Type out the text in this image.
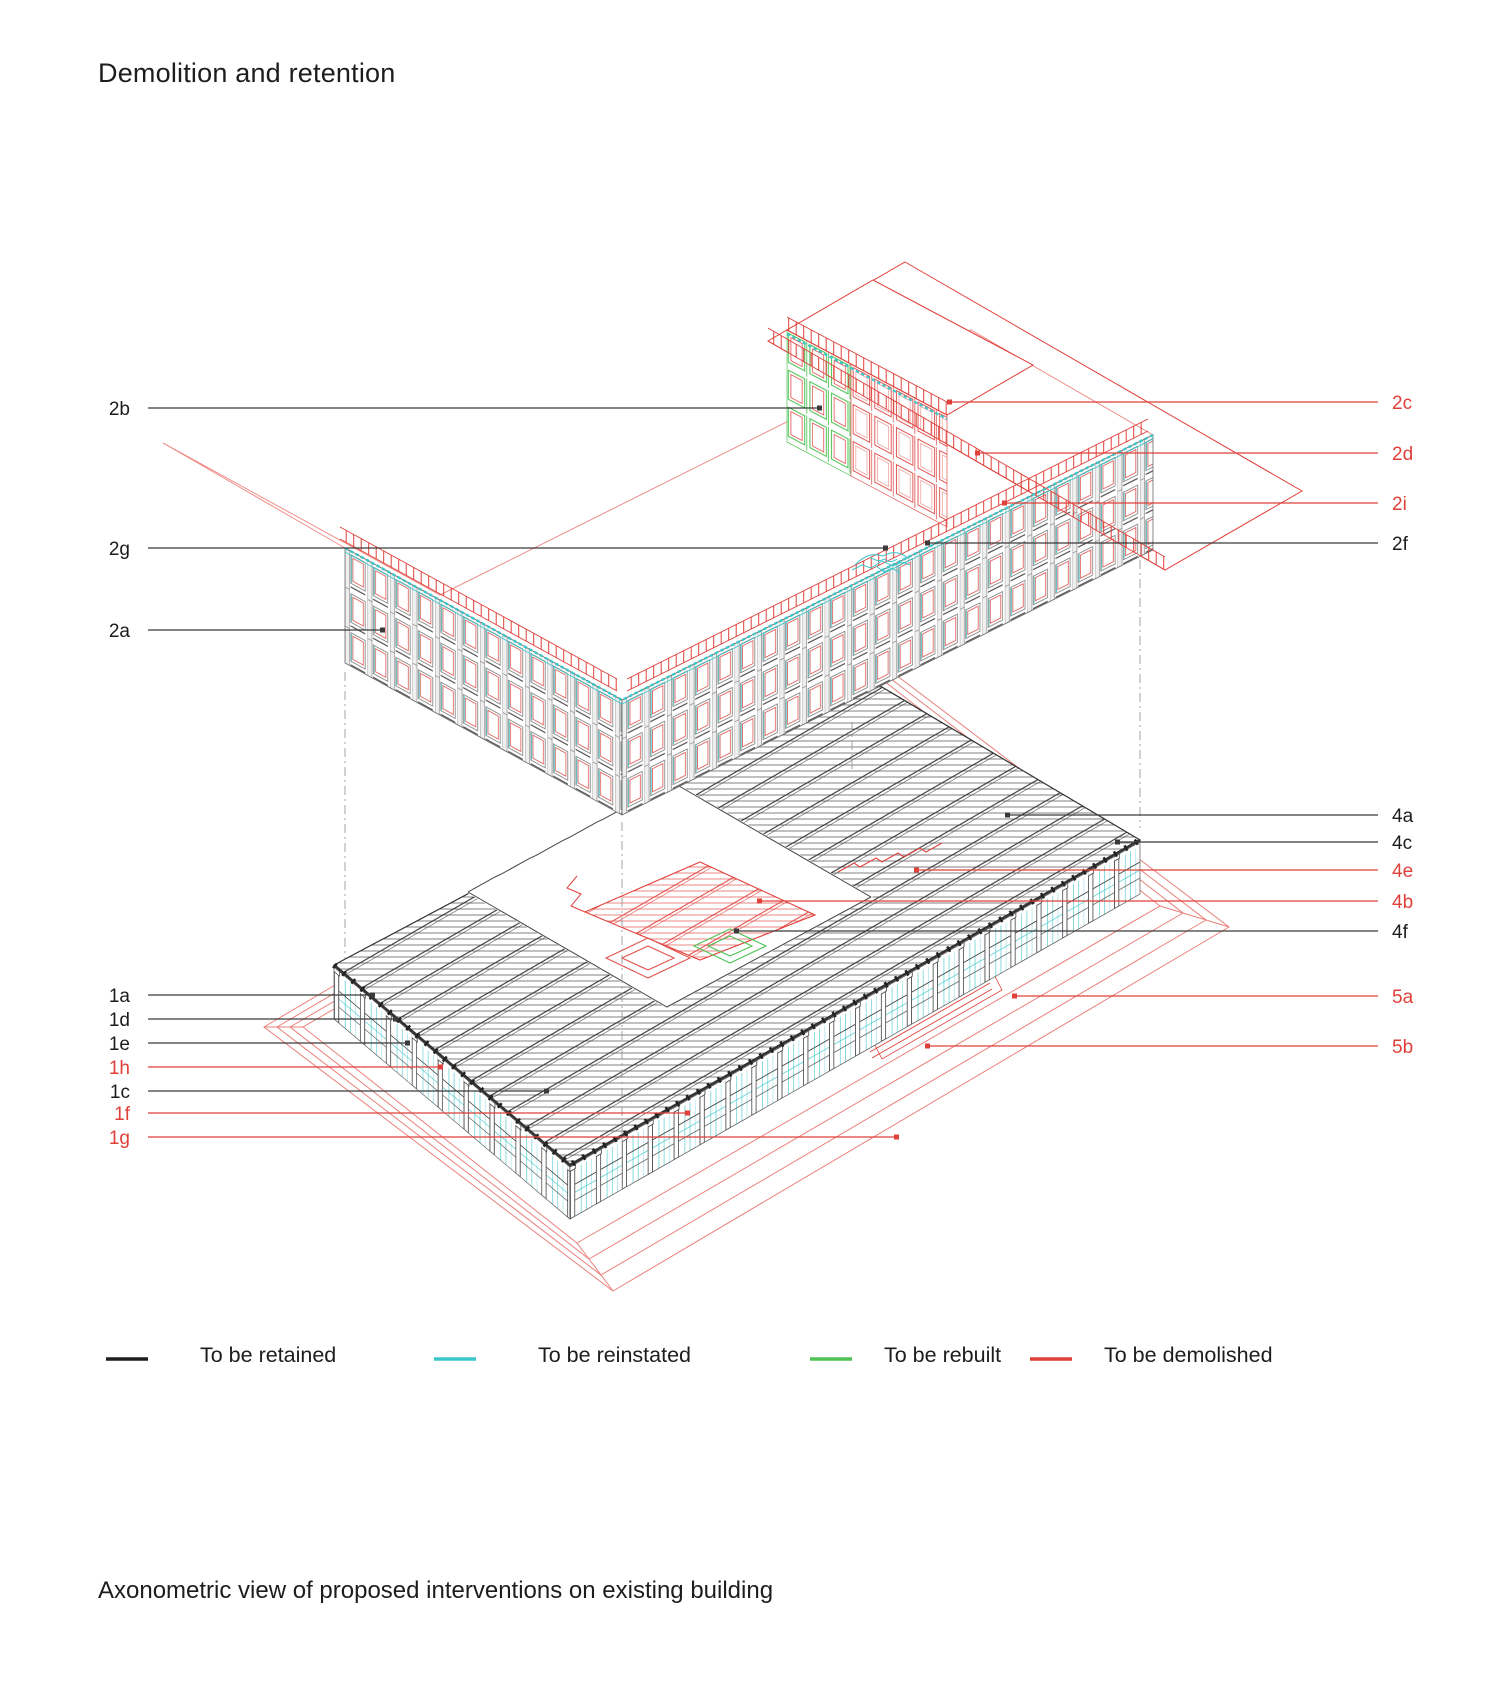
Demolition and retention
2b
2g
2a
1a
1d
1e
1h
1c
1f
1g
2c
2d
2i
2f
4a
4c
4e
4b
4f
5a
5b
To be retained	To be reinstated	To be rebuilt	To be demolished
Axonometric view of proposed interventions on existing building
